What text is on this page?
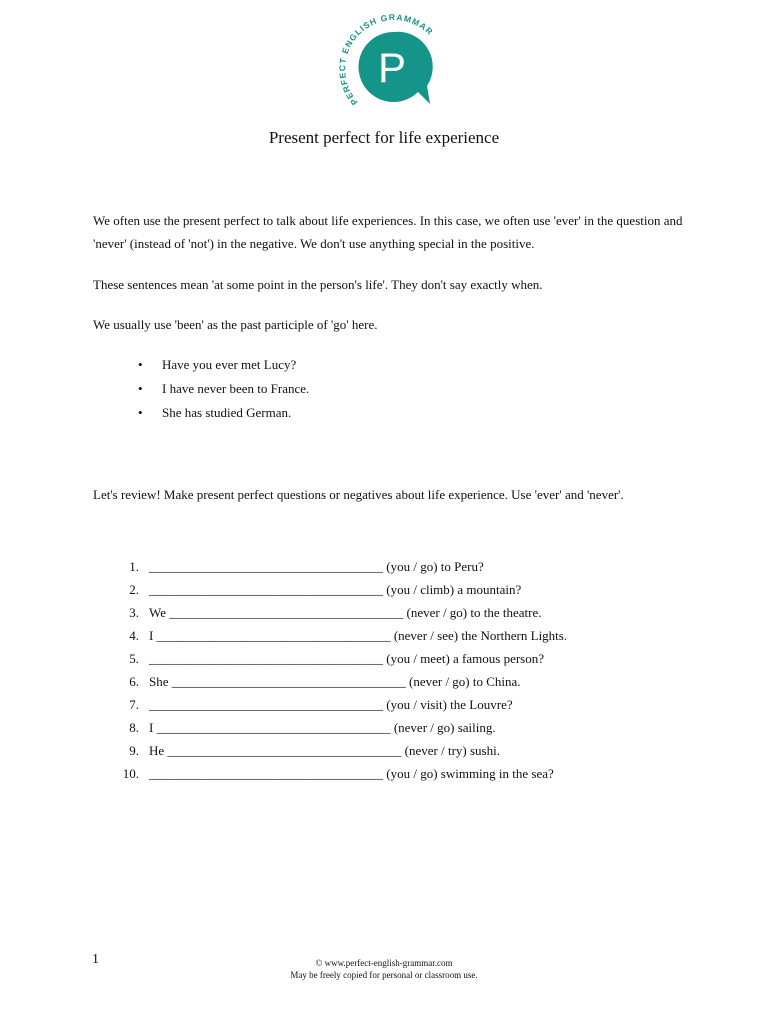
PERFECT ENGLISH GRAMMAR
P
Present perfect for life experience

We often use the present perfect to talk about life experiences. In this case, we often use 'ever' in the question and 'never' (instead of 'not') in the negative. We don't use anything special in the positive.

These sentences mean 'at some point in the person's life'. They don't say exactly when.

We usually use 'been' as the past participle of 'go' here.

• Have you ever met Lucy?
• I have never been to France.
• She has studied German.

Let's review! Make present perfect questions or negatives about life experience. Use 'ever' and 'never'.

1. ____________________________________ (you / go) to Peru?
2. ____________________________________ (you / climb) a mountain?
3. We ____________________________________ (never / go) to the theatre.
4. I ____________________________________ (never / see) the Northern Lights.
5. ____________________________________ (you / meet) a famous person?
6. She ____________________________________ (never / go) to China.
7. ____________________________________ (you / visit) the Louvre?
8. I ____________________________________ (never / go) sailing.
9. He ____________________________________ (never / try) sushi.
10. ____________________________________ (you / go) swimming in the sea?
1	© www.perfect-english-grammar.com
May be freely copied for personal or classroom use.
